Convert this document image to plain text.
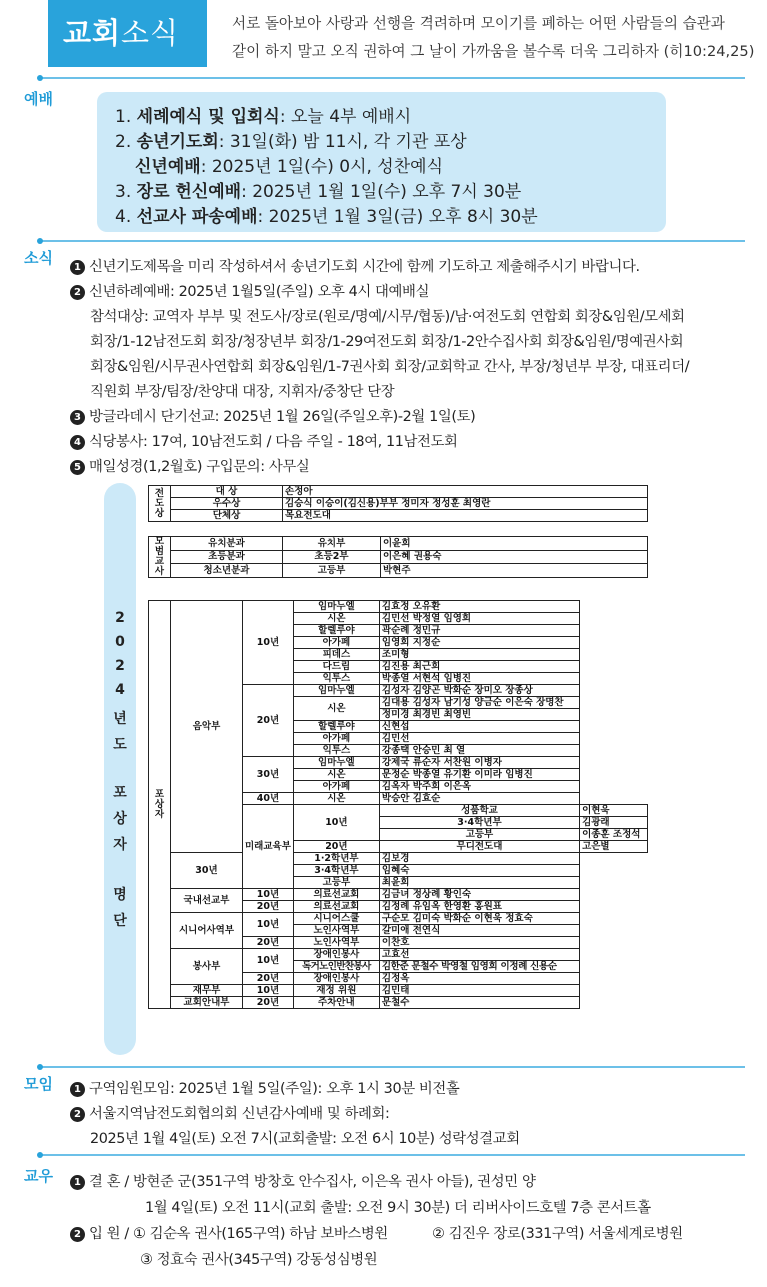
교회소식	서로 돌아보아 사랑과 선행을 격려하며 모이기를 폐하는 어떤 사람들의 습관과
같이 하지 말고 오직 권하여 그 날이 가까움을 볼수록 더욱 그리하자 (히10:24,25)
예배
1. 세례예식 및 입회식: 오늘 4부 예배시
2. 송년기도회: 31일(화) 밤 11시, 각 기관 포상
신년예배: 2025년 1일(수) 0시, 성찬예식
3. 장로 헌신예배: 2025년 1월 1일(수) 오후 7시 30분
4. 선교사 파송예배: 2025년 1월 3일(금) 오후 8시 30분
소식
1 신년기도제목을 미리 작성하셔서 송년기도회 시간에 함께 기도하고 제출해주시기 바랍니다.
2 신년하례예배: 2025년 1월5일(주일) 오후 4시 대예배실
참석대상: 교역자 부부 및 전도사/장로(원로/명예/시무/협동)/남·여전도회 연합회 회장&임원/모세회
회장/1-12남전도회 회장/청장년부 회장/1-29여전도회 회장/1-2안수집사회 회장&임원/명예권사회
회장&임원/시무권사연합회 회장&임원/1-7권사회 회장/교회학교 간사, 부장/청년부 부장, 대표리더/
직원회 부장/팀장/찬양대 대장, 지휘자/중창단 단장
3 방글라데시 단기선교: 2025년 1월 26일(주일오후)-2월 1일(토)
4 식당봉사: 17여, 10남전도회 / 다음 주일 - 18여, 11남전도회
5 매일성경(1,2월호) 구입문의: 사무실
2
0
2
4
년
도
포
상
자
명
단
전도상	대 상	손정아
	우수상	김승식 이승이(김신용)부부 정미자 정성훈 최영란
	단체상	목요전도대
모범교사	유치분과	유치부	이윤희
	초등분과	초등2부	이은혜 권용숙
	청소년분과	고등부	박현주
포상자	음악부	10년	임마누엘	김효정 오유환	
			시온	김민선 박정열 임영희	
			할렐루야	곽순례 정민규	
			아가페	임영희 지정순	
			피데스	조미형	
			다드림	김진용 최근희	
			익투스	박종열 서현석 임병진	
		20년	임마누엘	김성자 김양곤 박화순 장미오 장종상	
			시온	김대용 김성자 남기성 양금순 이은숙 장명찬	
				정미경 최경빈 최영빈	
			할렐루야	신현섭	
			아가페	김민선	
			익투스	강종택 안승민 최 열	
		30년	임마누엘	강제국 류순자 서찬원 이병자	
			시온	문정순 박종열 유기환 이미라 임병진	
			아가페	김옥자 박주희 이은옥	
		40년	시온	박승안 김효순	
		미래교육부	10년	성품학교	이현욱
				3·4학년부	김광래
				고등부	이종훈 조정석
			20년	무디전도대	고은별
	30년		1·2학년부	김보경	
			3·4학년부	임혜숙	
			고등부	최윤희	
	국내선교부	10년	의료선교회	김금녀 정상례 황인숙	
		20년	의료선교회	김정례 유임옥 한영환 홍원표	
	시니어사역부	10년	시니어스쿨	구순모 김미숙 박화순 이현욱 정효숙	
			노인사역부	갈미애 전연식	
		20년	노인사역부	이찬호	
	봉사부	10년	장애인봉사	고효선	
			독거노인반찬봉사	김한준 문철수 박영철 임영희 이정례 신용순	
		20년	장애인봉사	김정옥	
	재무부	10년	재정 위원	김민태	
	교회안내부	20년	주차안내	문철수	
모임	1 구역임원모임: 2025년 1월 5일(주일): 오후 1시 30분 비전홀
2 서울지역남전도회협의회 신년감사예배 및 하례회:
2025년 1월 4일(토) 오전 7시(교회출발: 오전 6시 10분) 성락성결교회
교우	1 결 혼 / 방현준 군(351구역 방창호 안수집사, 이은옥 권사 아들), 권성민 양
1월 4일(토) 오전 11시(교회 출발: 오전 9시 30분) 더 리버사이드호텔 7층 콘서트홀
2 입 원 / ① 김순옥 권사(165구역) 하남 보바스병원	② 김진우 장로(331구역) 서울세계로병원
③ 정효숙 권사(345구역) 강동성심병원
